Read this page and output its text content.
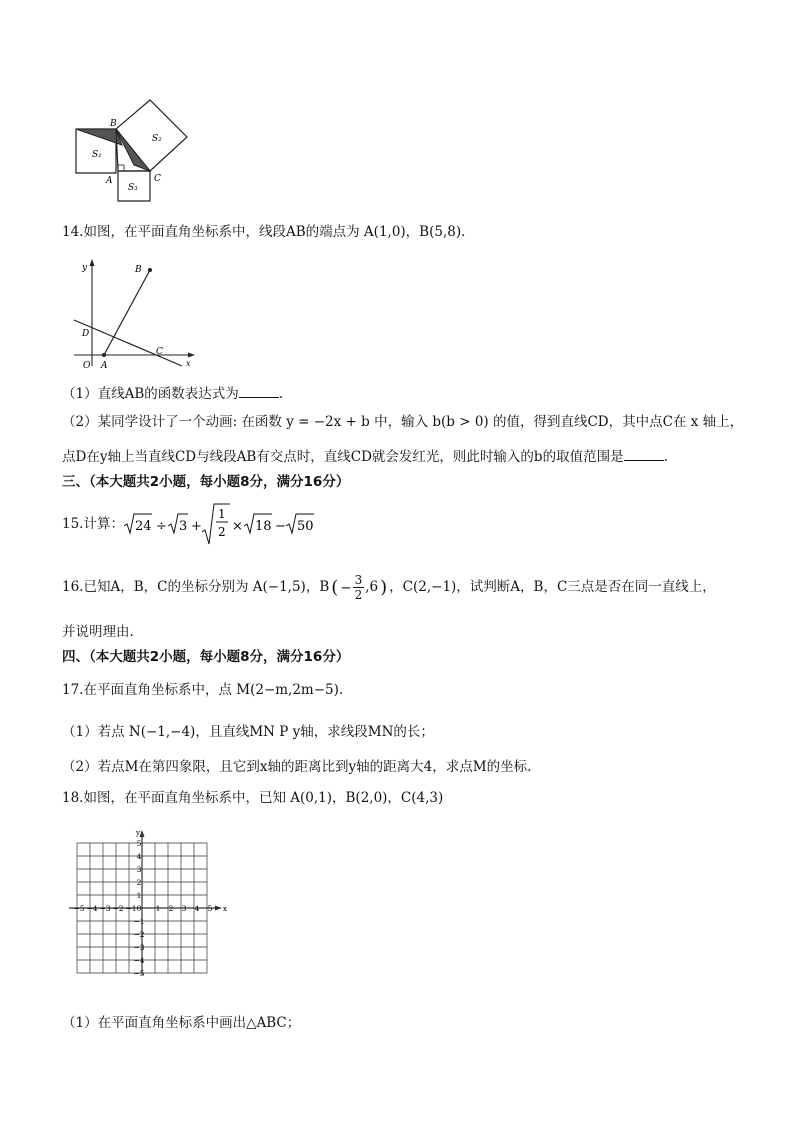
B
A	C
S₁
S₂
S₃
14.如图，在平面直角坐标系中，线段AB的端点为 A(1,0)，B(5,8).
y
x
B
D
O A
C
（1）直线AB的函数表达式为	.
（2）某同学设计了一个动画: 在函数 y = −2x + b 中，输入 b(b > 0) 的值，得到直线CD，其中点C在 x 轴上，
点D在y轴上当直线CD与线段AB有交点时，直线CD就会发红光，则此时输入的b的取值范围是	.
三、（本大题共2小题，每小题8分，满分16分）
15.计算： 24 ÷ 3 +
1
2 × 18 − 50
16.已知A，B，C的坐标分别为 A(−1,5)，B ( − $\frac{3}{2} ,6$ ) ，C(2,−1)，试判断A，B，C三点是否在同一直线上，
并说明理由.
四、（本大题共2小题，每小题8分，满分16分）
17.在平面直角坐标系中，点 M(2−m,2m−5).
（1）若点 N(−1,−4)，且直线MN P y轴，求线段MN的长；
（2）若点M在第四象限，且它到x轴的距离比到y轴的距离大4，求点M的坐标.
18.如图，在平面直角坐标系中，已知 A(0,1)，B(2,0)，C(4,3)
y
x
0
−5 −4 −3 −2 −1	1 2 3 4 5
5
4
3
2
1
−1
−2
−3
−4
−5
（1）在平面直角坐标系中画出△ABC；
